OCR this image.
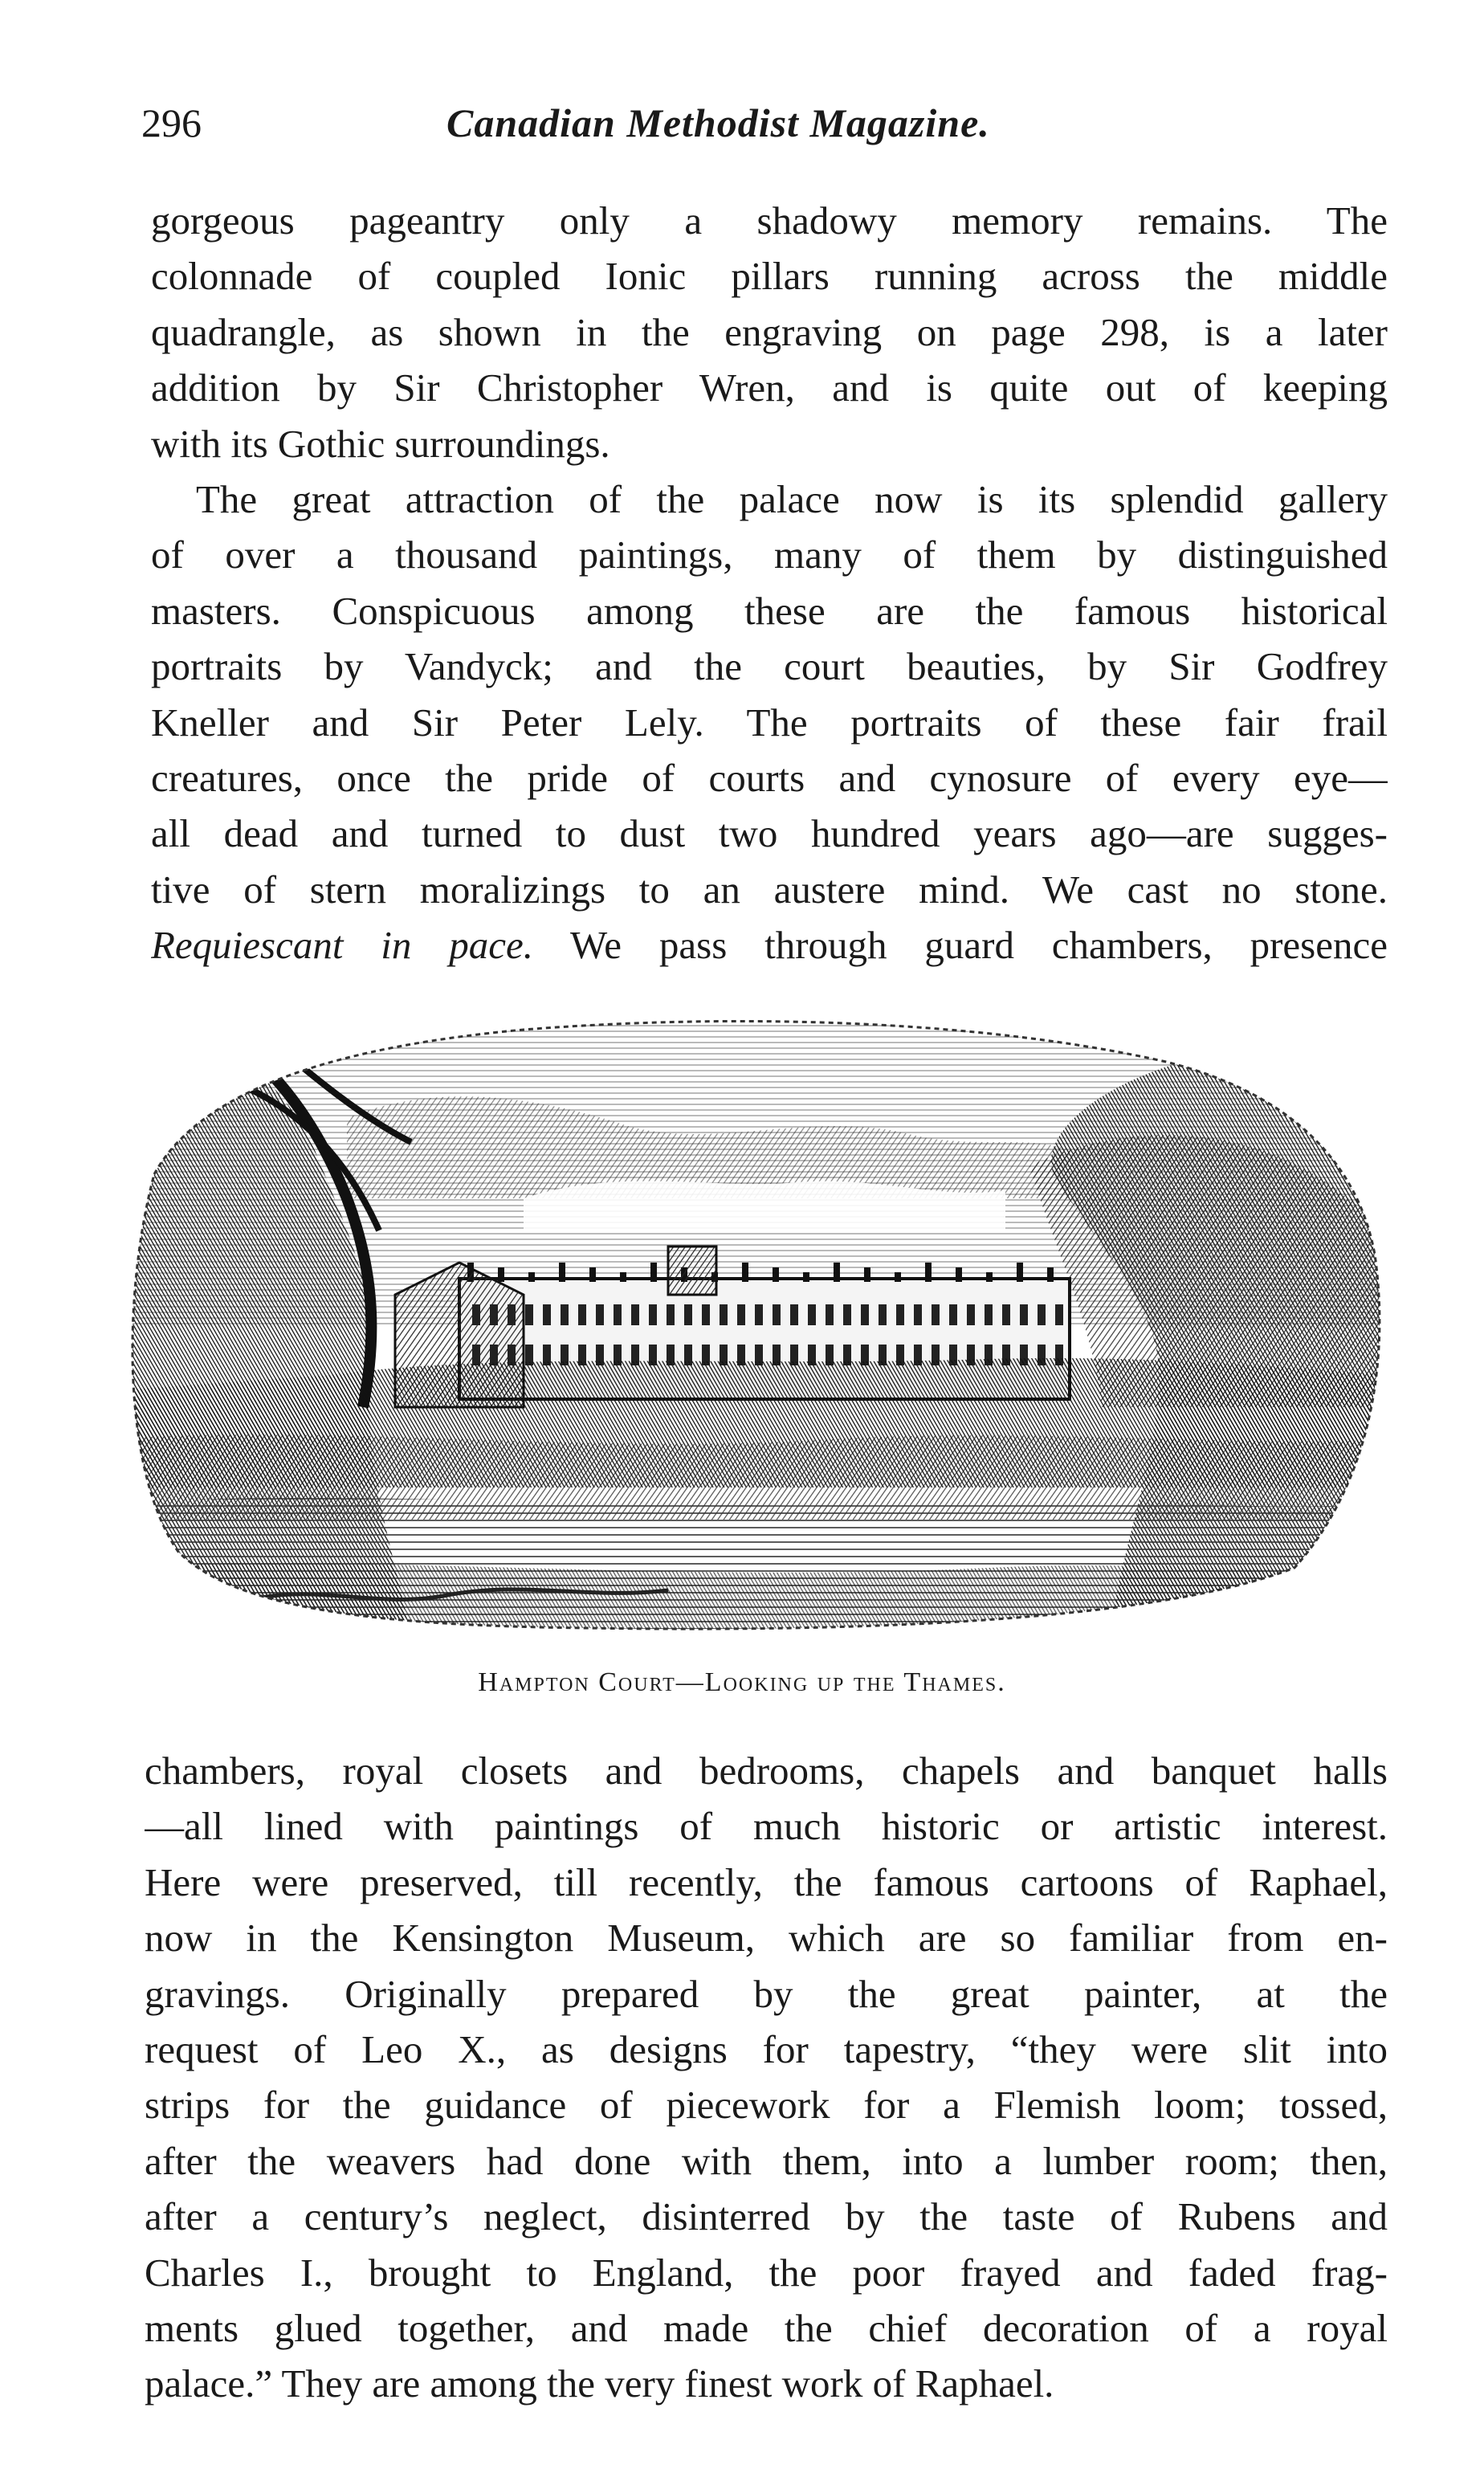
296	Canadian Methodist Magazine.
gorgeous pageantry only a shadowy memory remains. The
colonnade of coupled Ionic pillars running across the middle
quadrangle, as shown in the engraving on page 298, is a later
addition by Sir Christopher Wren, and is quite out of keeping
with its Gothic surroundings.
The great attraction of the palace now is its splendid gallery
of over a thousand paintings, many of them by distinguished
masters. Conspicuous among these are the famous historical
portraits by Vandyck; and the court beauties, by Sir Godfrey
Kneller and Sir Peter Lely. The portraits of these fair frail
creatures, once the pride of courts and cynosure of every eye—
all dead and turned to dust two hundred years ago—are sugges-
tive of stern moralizings to an austere mind. We cast no stone.
Requiescant in pace. We pass through guard chambers, presence
Hampton Court—Looking up the Thames.
chambers, royal closets and bedrooms, chapels and banquet halls
—all lined with paintings of much historic or artistic interest.
Here were preserved, till recently, the famous cartoons of Raphael,
now in the Kensington Museum, which are so familiar from en-
gravings. Originally prepared by the great painter, at the
request of Leo X., as designs for tapestry, “they were slit into
strips for the guidance of piecework for a Flemish loom; tossed,
after the weavers had done with them, into a lumber room; then,
after a century’s neglect, disinterred by the taste of Rubens and
Charles I., brought to England, the poor frayed and faded frag-
ments glued together, and made the chief decoration of a royal
palace.” They are among the very finest work of Raphael.
